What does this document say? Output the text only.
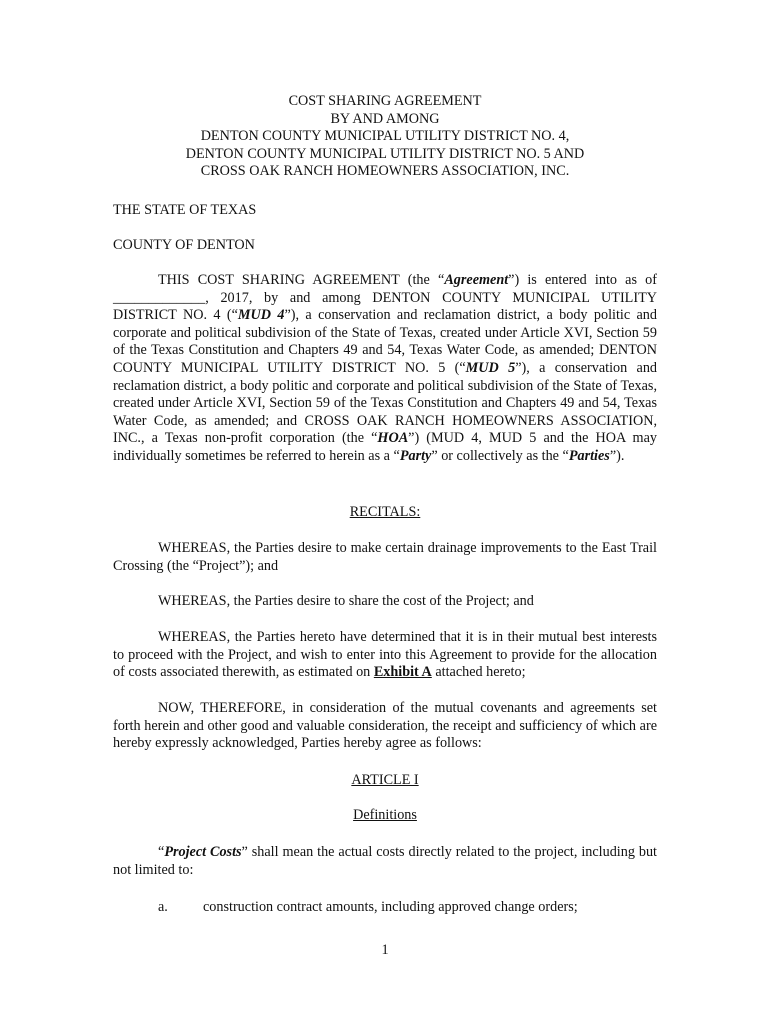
COST SHARING AGREEMENT
BY AND AMONG
DENTON COUNTY MUNICIPAL UTILITY DISTRICT NO. 4,
DENTON COUNTY MUNICIPAL UTILITY DISTRICT NO. 5 AND
CROSS OAK RANCH HOMEOWNERS ASSOCIATION, INC.

THE STATE OF TEXAS

COUNTY OF DENTON

THIS COST SHARING AGREEMENT (the “Agreement”) is entered into as of _____________, 2017, by and among DENTON COUNTY MUNICIPAL UTILITY DISTRICT NO. 4 (“MUD 4”), a conservation and reclamation district, a body politic and corporate and political subdivision of the State of Texas, created under Article XVI, Section 59 of the Texas Constitution and Chapters 49 and 54, Texas Water Code, as amended; DENTON COUNTY MUNICIPAL UTILITY DISTRICT NO. 5 (“MUD 5”), a conservation and reclamation district, a body politic and corporate and political subdivision of the State of Texas, created under Article XVI, Section 59 of the Texas Constitution and Chapters 49 and 54, Texas Water Code, as amended; and CROSS OAK RANCH HOMEOWNERS ASSOCIATION, INC., a Texas non-profit corporation (the “HOA”) (MUD 4, MUD 5 and the HOA may individually sometimes be referred to herein as a “Party” or collectively as the “Parties”).

RECITALS:

WHEREAS, the Parties desire to make certain drainage improvements to the East Trail Crossing (the “Project”); and

WHEREAS, the Parties desire to share the cost of the Project; and

WHEREAS, the Parties hereto have determined that it is in their mutual best interests to proceed with the Project, and wish to enter into this Agreement to provide for the allocation of costs associated therewith, as estimated on Exhibit A attached hereto;

NOW, THEREFORE, in consideration of the mutual covenants and agreements set forth herein and other good and valuable consideration, the receipt and sufficiency of which are hereby expressly acknowledged, Parties hereby agree as follows:

ARTICLE I

Definitions

“Project Costs” shall mean the actual costs directly related to the project, including but not limited to:

a. construction contract amounts, including approved change orders;
1
